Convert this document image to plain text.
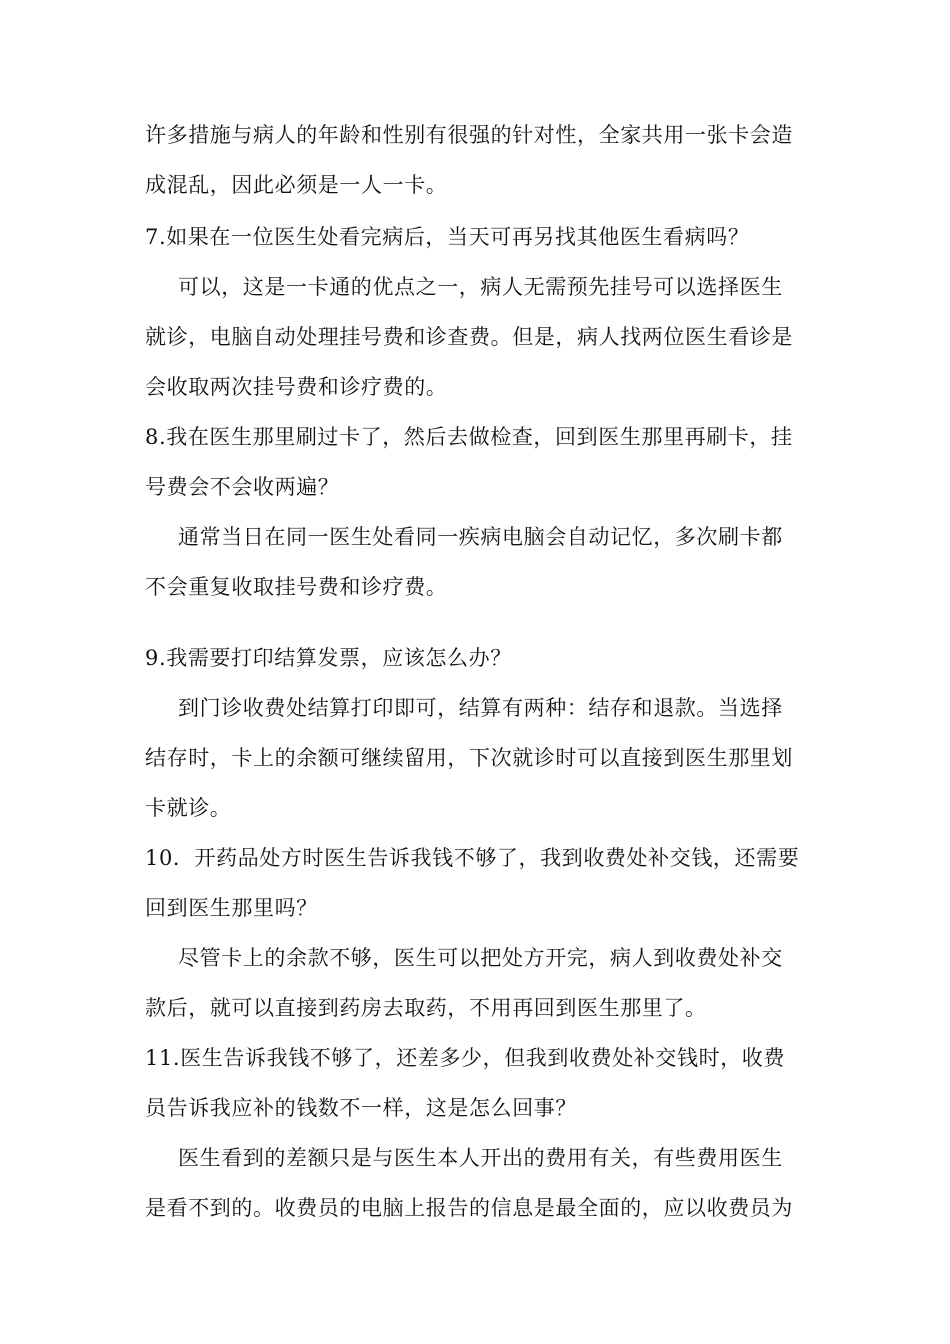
许多措施与病人的年龄和性别有很强的针对性，全家共用一张卡会造
成混乱，因此必须是一人一卡。
7.如果在一位医生处看完病后，当天可再另找其他医生看病吗？
可以，这是一卡通的优点之一，病人无需预先挂号可以选择医生
就诊，电脑自动处理挂号费和诊查费。但是，病人找两位医生看诊是
会收取两次挂号费和诊疗费的。
8.我在医生那里刷过卡了，然后去做检查，回到医生那里再刷卡，挂
号费会不会收两遍？
通常当日在同一医生处看同一疾病电脑会自动记忆，多次刷卡都
不会重复收取挂号费和诊疗费。
9.我需要打印结算发票，应该怎么办？
到门诊收费处结算打印即可，结算有两种：结存和退款。当选择
结存时，卡上的余额可继续留用，下次就诊时可以直接到医生那里划
卡就诊。
10．开药品处方时医生告诉我钱不够了，我到收费处补交钱，还需要
回到医生那里吗？
尽管卡上的余款不够，医生可以把处方开完，病人到收费处补交
款后，就可以直接到药房去取药，不用再回到医生那里了。
11.医生告诉我钱不够了，还差多少，但我到收费处补交钱时，收费
员告诉我应补的钱数不一样，这是怎么回事？
医生看到的差额只是与医生本人开出的费用有关，有些费用医生
是看不到的。收费员的电脑上报告的信息是最全面的，应以收费员为
